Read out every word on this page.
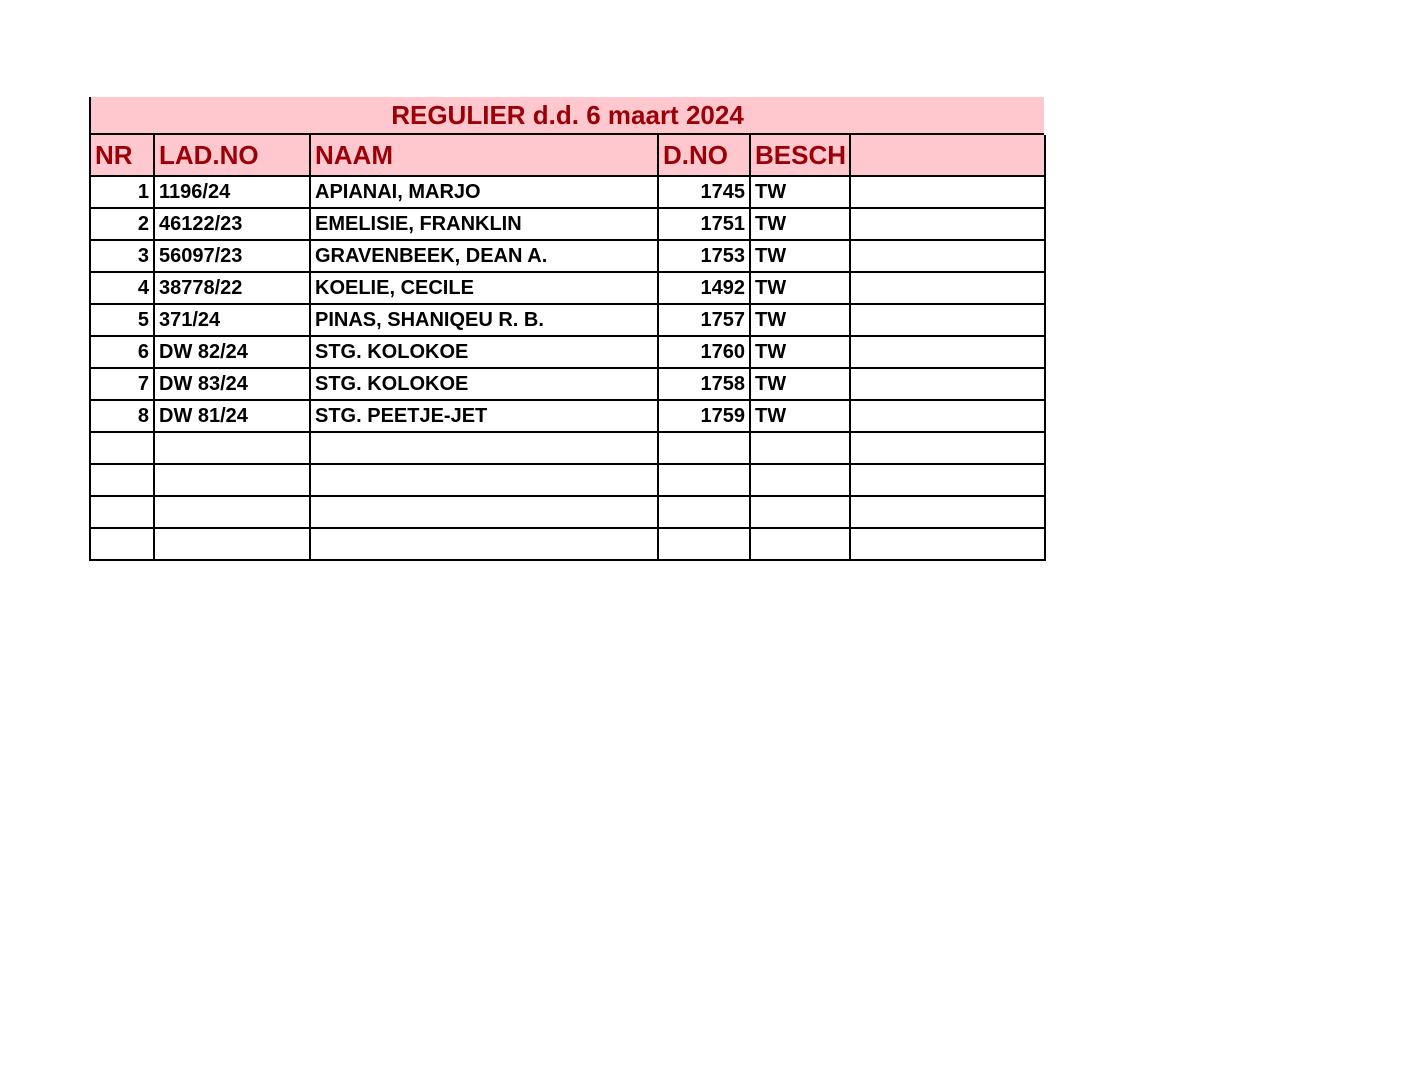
REGULIER d.d. 6 maart 2024
NR	LAD.NO	NAAM	D.NO	BESCH	
1	1196/24	APIANAI, MARJO	1745	TW	
2	46122/23	EMELISIE, FRANKLIN	1751	TW	
3	56097/23	GRAVENBEEK, DEAN A.	1753	TW	
4	38778/22	KOELIE, CECILE	1492	TW	
5	371/24	PINAS, SHANIQEU R. B.	1757	TW	
6	DW 82/24	STG. KOLOKOE	1760	TW	
7	DW 83/24	STG. KOLOKOE	1758	TW	
8	DW 81/24	STG. PEETJE-JET	1759	TW	
